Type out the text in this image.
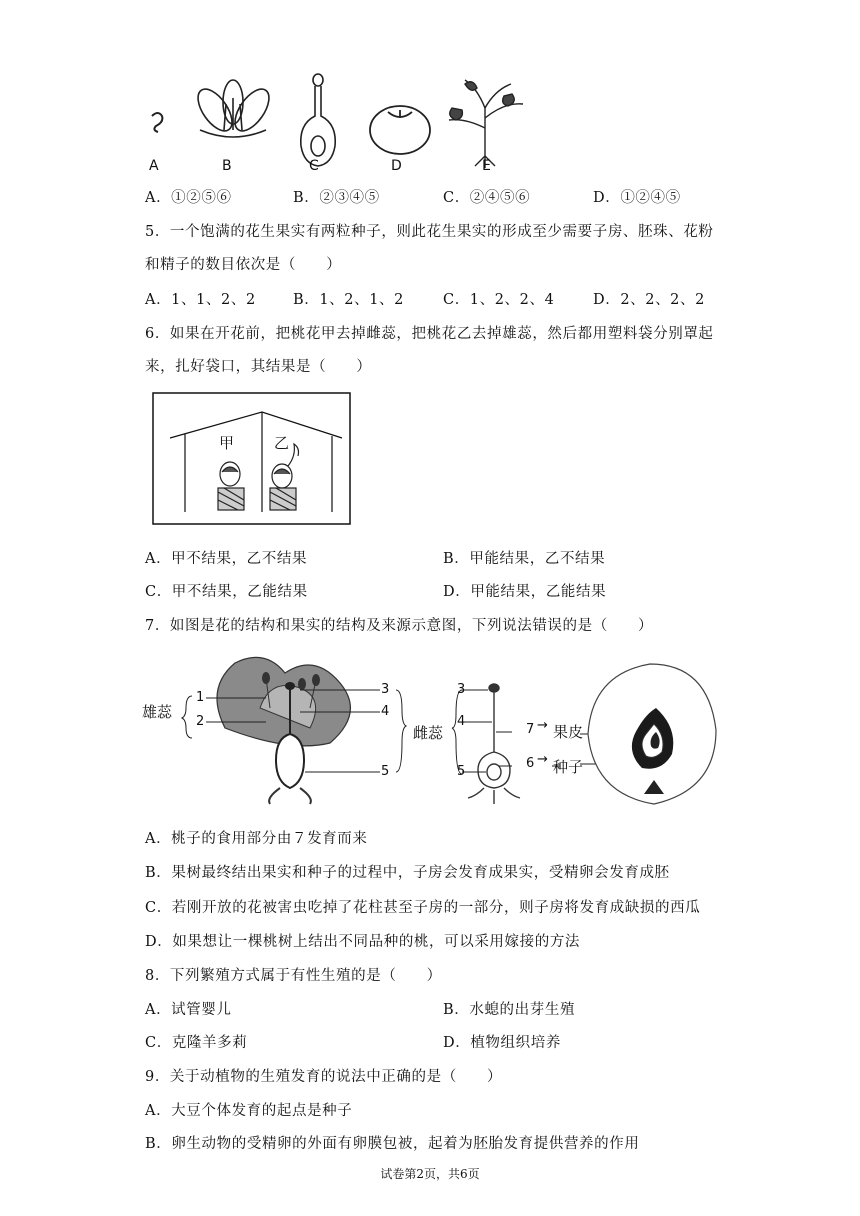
A	B	C	D	E
A．①②⑤⑥	B．②③④⑤	C．②④⑤⑥	D．①②④⑤
5．一个饱满的花生果实有两粒种子，则此花生果实的形成至少需要子房、胚珠、花粉
和精子的数目依次是（　　）
A．1、1、2、2	B．1、2、1、2	C．1、2、2、4	D．2、2、2、2
6．如果在开花前，把桃花甲去掉雌蕊，把桃花乙去掉雄蕊，然后都用塑料袋分别罩起
来，扎好袋口，其结果是（　　）
甲	乙
A．甲不结果，乙不结果	B．甲能结果，乙不结果
C．甲不结果，乙能结果	D．甲能结果，乙能结果
7．如图是花的结构和果实的结构及来源示意图，下列说法错误的是（　　）
雄蕊
雌蕊
1
2
3
4
5
3
4
5
7 → 果皮
6 → 种子
A．桃子的食用部分由７发育而来
B．果树最终结出果实和种子的过程中，子房会发育成果实，受精卵会发育成胚
C．若刚开放的花被害虫吃掉了花柱甚至子房的一部分，则子房将发育成缺损的西瓜
D．如果想让一棵桃树上结出不同品种的桃，可以采用嫁接的方法
8．下列繁殖方式属于有性生殖的是（　　）
A．试管婴儿	B．水螅的出芽生殖
C．克隆羊多莉	D．植物组织培养
9．关于动植物的生殖发育的说法中正确的是（　　）
A．大豆个体发育的起点是种子
B．卵生动物的受精卵的外面有卵膜包被，起着为胚胎发育提供营养的作用
试卷第2页，共6页
